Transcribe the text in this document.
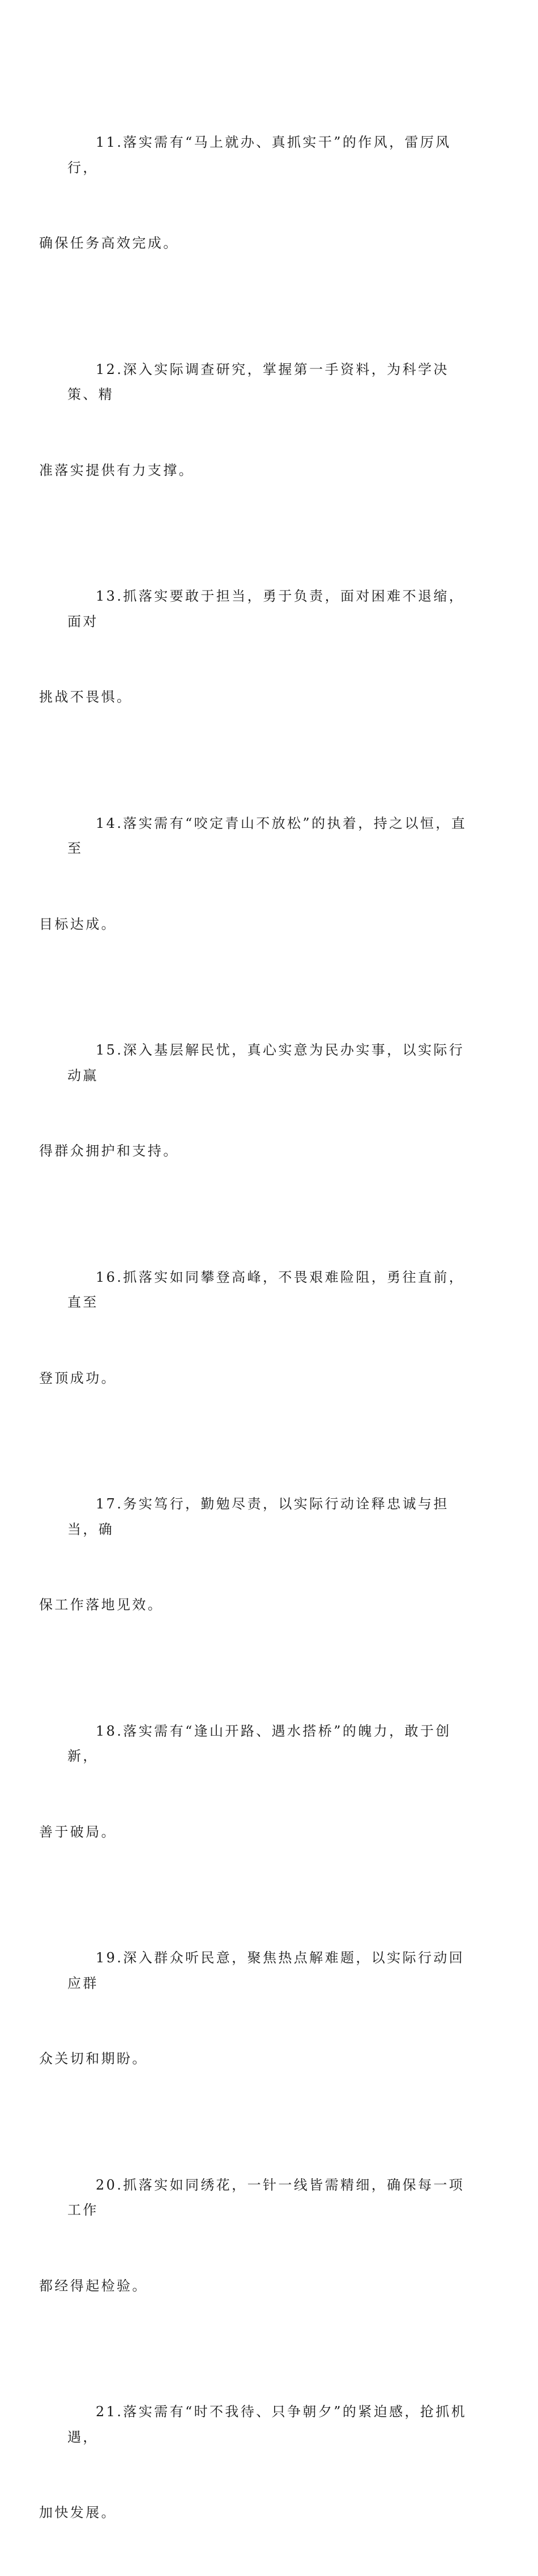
11.落实需有“马上就办、真抓实干”的作风，雷厉风行，

确保任务高效完成。

12.深入实际调查研究，掌握第一手资料，为科学决策、精

准落实提供有力支撑。

13.抓落实要敢于担当，勇于负责，面对困难不退缩，面对

挑战不畏惧。

14.落实需有“咬定青山不放松”的执着，持之以恒，直至

目标达成。

15.深入基层解民忧，真心实意为民办实事，以实际行动赢

得群众拥护和支持。

16.抓落实如同攀登高峰，不畏艰难险阻，勇往直前，直至

登顶成功。

17.务实笃行，勤勉尽责，以实际行动诠释忠诚与担当，确

保工作落地见效。

18.落实需有“逢山开路、遇水搭桥”的魄力，敢于创新，

善于破局。

19.深入群众听民意，聚焦热点解难题，以实际行动回应群

众关切和期盼。

20.抓落实如同绣花，一针一线皆需精细，确保每一项工作

都经得起检验。

21.落实需有“时不我待、只争朝夕”的紧迫感，抢抓机遇，

加快发展。
